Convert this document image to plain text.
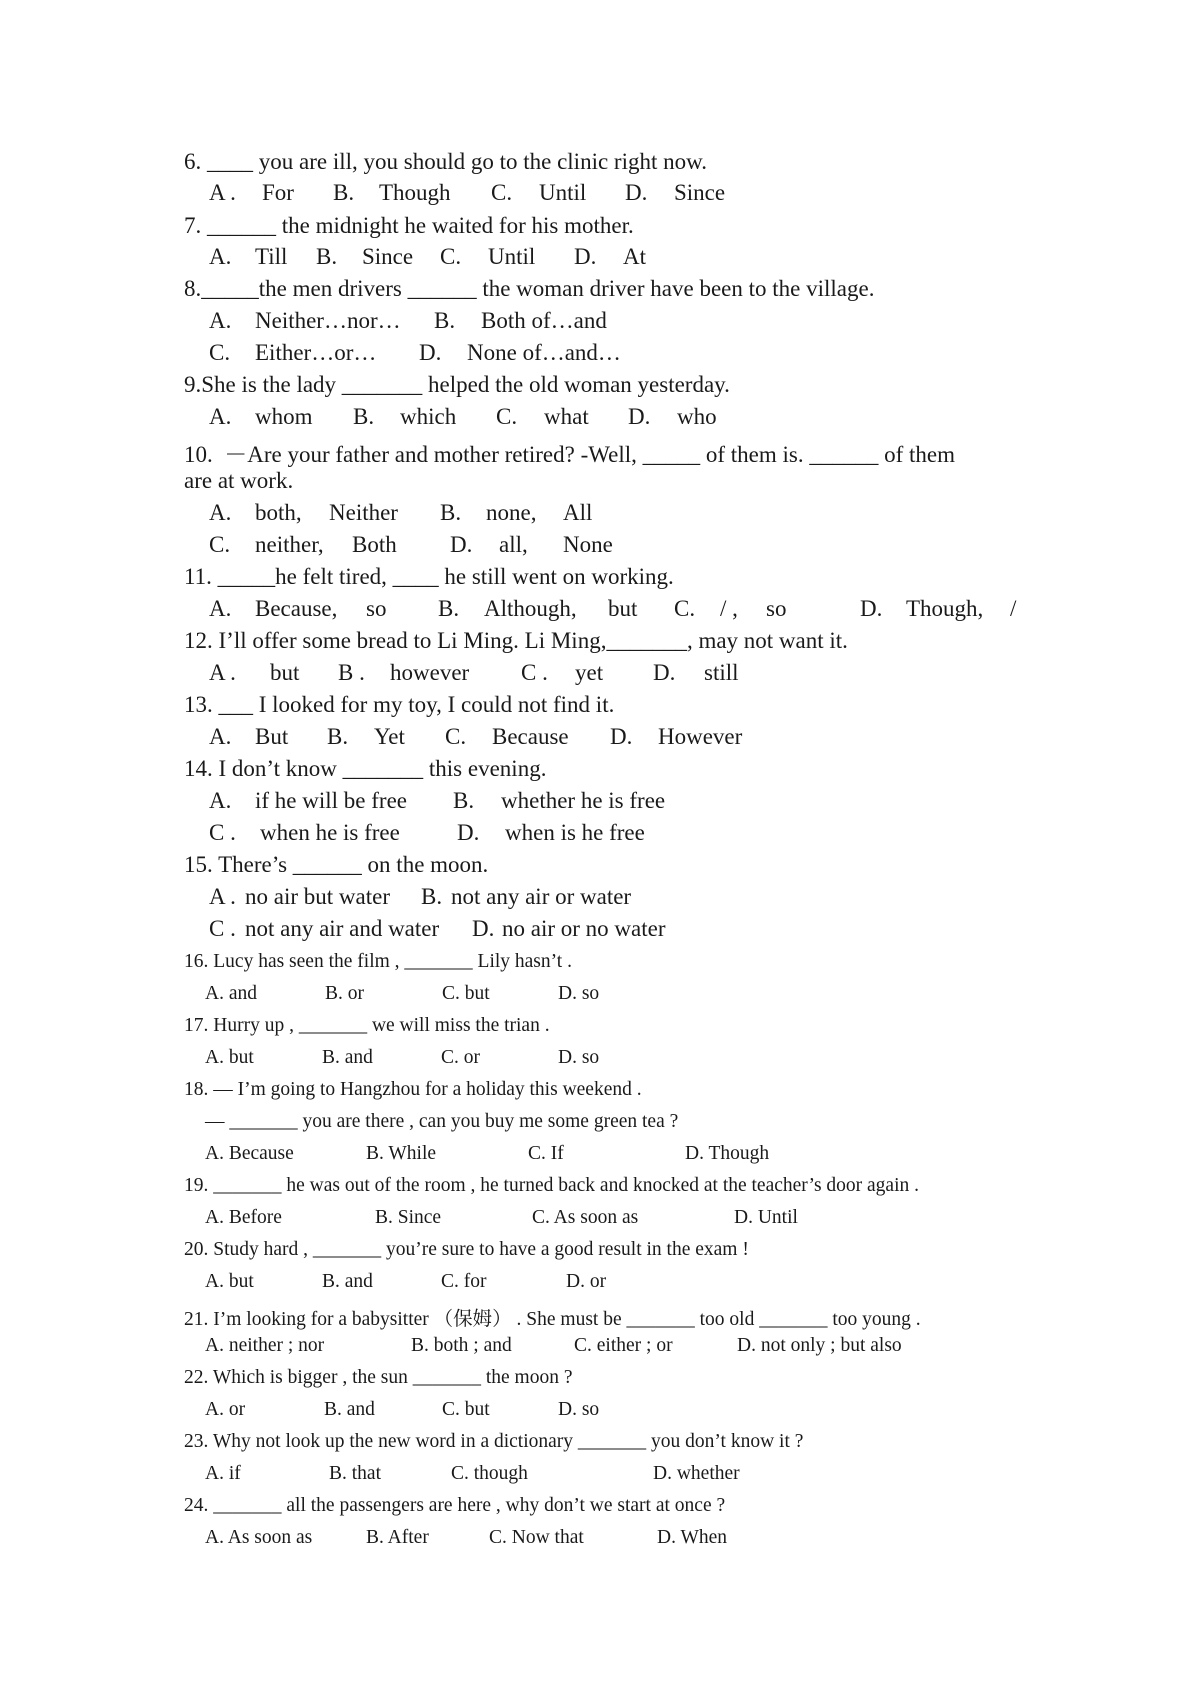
6. ____ you are ill, you should go to the clinic right now.
A . For B. Though C. Until D. Since
7. ______ the midnight he waited for his mother.
A. Till B. Since C. Until D. At
8._____the men drivers ______ the woman driver have been to the village.
A. Neither…nor… B. Both of…and
C. Either…or… D. None of…and…
9.She is the lady _______ helped the old woman yesterday.
A. whom B. which C. what D. who
10.  －Are your father and mother retired? -Well, _____ of them is. ______ of them
are at work.
A. both, Neither B. none, All
C. neither, Both D. all, None
11. _____he felt tired, ____ he still went on working.
A. Because, so B. Although, but C. / , so	D. Though, /
12. I’ll offer some bread to Li Ming. Li Ming,_______, may not want it.
A . but B . however C . yet D. still
13. ___ I looked for my toy, I could not find it.
A. But B. Yet C. Because D. However
14. I don’t know _______ this evening.
A. if he will be free B. whether he is free
C . when he is free D. when is he free
15. There’s ______ on the moon.
A . no air but water B. not any air or water
C . not any air and water D. no air or no water
16. Lucy has seen the film , _______ Lily hasn’t .
A. and	B. or	C. but	D. so
17. Hurry up , _______ we will miss the trian .
A. but	B. and	C. or	D. so
18. — I’m going to Hangzhou for a holiday this weekend .
— _______ you are there , can you buy me some green tea ?
A. Because	B. While	C. If	D. Though
19. _______ he was out of the room , he turned back and knocked at the teacher’s door again .
A. Before	B. Since	C. As soon as	D. Until
20. Study hard , _______ you’re sure to have a good result in the exam !
A. but	B. and	C. for	D. or
21. I’m looking for a babysitter （保姆） . She must be _______ too old _______ too young .
A. neither ; nor	B. both ; and	C. either ; or	D. not only ; but also
22. Which is bigger , the sun _______ the moon ?
A. or	B. and	C. but	D. so
23. Why not look up the new word in a dictionary _______ you don’t know it ?
A. if	B. that	C. though	D. whether
24. _______ all the passengers are here , why don’t we start at once ?
A. As soon as	B. After	C. Now that	D. When
